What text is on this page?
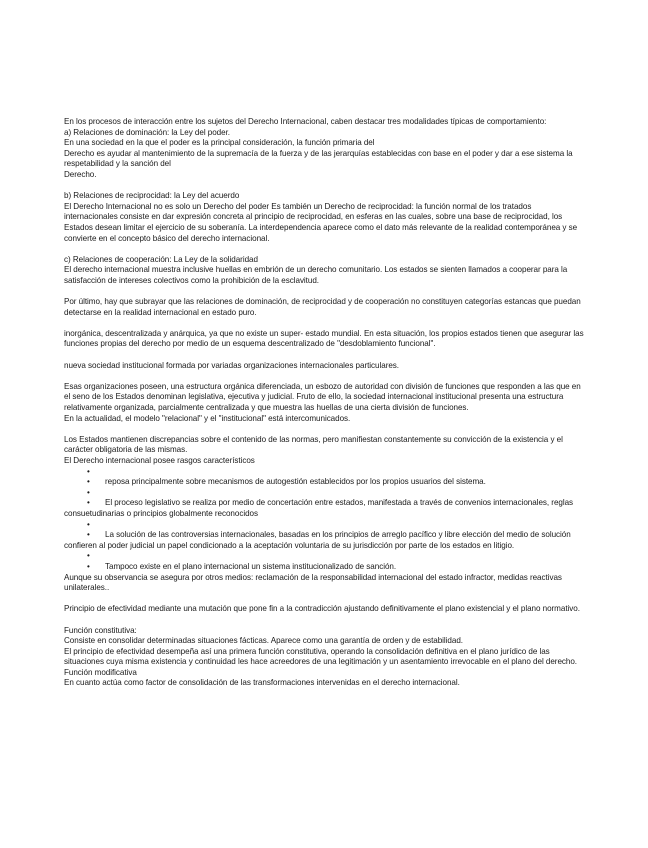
En los procesos de interacción entre los sujetos del Derecho Internacional, caben destacar tres modalidades típicas de comportamiento:

a) Relaciones de dominación: la Ley del poder.

En una sociedad en la que el poder es la principal consideración, la función primaria del

Derecho es ayudar al mantenimiento de la supremacía de la fuerza y de las jerarquías establecidas con base en el poder y dar a ese sistema la respetabilidad y la sanción del

Derecho.

b) Relaciones de reciprocidad: la Ley del acuerdo

El Derecho Internacional no es solo un Derecho del poder Es también un Derecho de reciprocidad: la función normal de los tratados internacionales consiste en dar expresión concreta al principio de reciprocidad, en esferas en las cuales, sobre una base de reciprocidad, los Estados desean limitar el ejercicio de su soberanía. La interdependencia aparece como el dato más relevante de la realidad contemporánea y se convierte en el concepto básico del derecho internacional.

c) Relaciones de cooperación: La Ley de la solidaridad

El derecho internacional muestra inclusive huellas en embrión de un derecho comunitario. Los estados se sienten llamados a cooperar para la satisfacción de intereses colectivos como la prohibición de la esclavitud.

Por último, hay que subrayar que las relaciones de dominación, de reciprocidad y de cooperación no constituyen categorías estancas que puedan detectarse en la realidad internacional en estado puro.

inorgánica, descentralizada y anárquica, ya que no existe un super- estado mundial. En esta situación, los propios estados tienen que asegurar las funciones propias del derecho por medio de un esquema descentralizado de "desdoblamiento funcional".

nueva sociedad institucional formada por variadas organizaciones internacionales particulares.

Esas organizaciones poseen, una estructura orgánica diferenciada, un esbozo de autoridad con división de funciones que responden a las que en el seno de los Estados denominan legislativa, ejecutiva y judicial. Fruto de ello, la sociedad internacional institucional presenta una estructura relativamente organizada, parcialmente centralizada y que muestra las huellas de una cierta división de funciones.

En la actualidad, el modelo "relacional" y el "institucional" está intercomunicados.

Los Estados mantienen discrepancias sobre el contenido de las normas, pero manifiestan constantemente su convicción de la existencia y el carácter obligatoria de las mismas.

El Derecho internacional posee rasgos característicos

•

• reposa principalmente sobre mecanismos de autogestión establecidos por los propios usuarios del sistema.

•

• El proceso legislativo se realiza por medio de concertación entre estados, manifestada a través de convenios internacionales, reglas consuetudinarias o principios globalmente reconocidos

•

• La solución de las controversias internacionales, basadas en los principios de arreglo pacífico y libre elección del medio de solución confieren al poder judicial un papel condicionado a la aceptación voluntaria de su jurisdicción por parte de los estados en litigio.

•

• Tampoco existe en el plano internacional un sistema institucionalizado de sanción.

Aunque su observancia se asegura por otros medios: reclamación de la responsabilidad internacional del estado infractor, medidas reactivas unilaterales..

Principio de efectividad mediante una mutación que pone fin a la contradicción ajustando definitivamente el plano existencial y el plano normativo.

Función constitutiva:

Consiste en consolidar determinadas situaciones fácticas. Aparece como una garantía de orden y de estabilidad.

El principio de efectividad desempeña así una primera función constitutiva, operando la consolidación definitiva en el plano jurídico de las situaciones cuya misma existencia y continuidad les hace acreedores de una legitimación y un asentamiento irrevocable en el plano del derecho.

Función modificativa

En cuanto actúa como factor de consolidación de las transformaciones intervenidas en el derecho internacional.
